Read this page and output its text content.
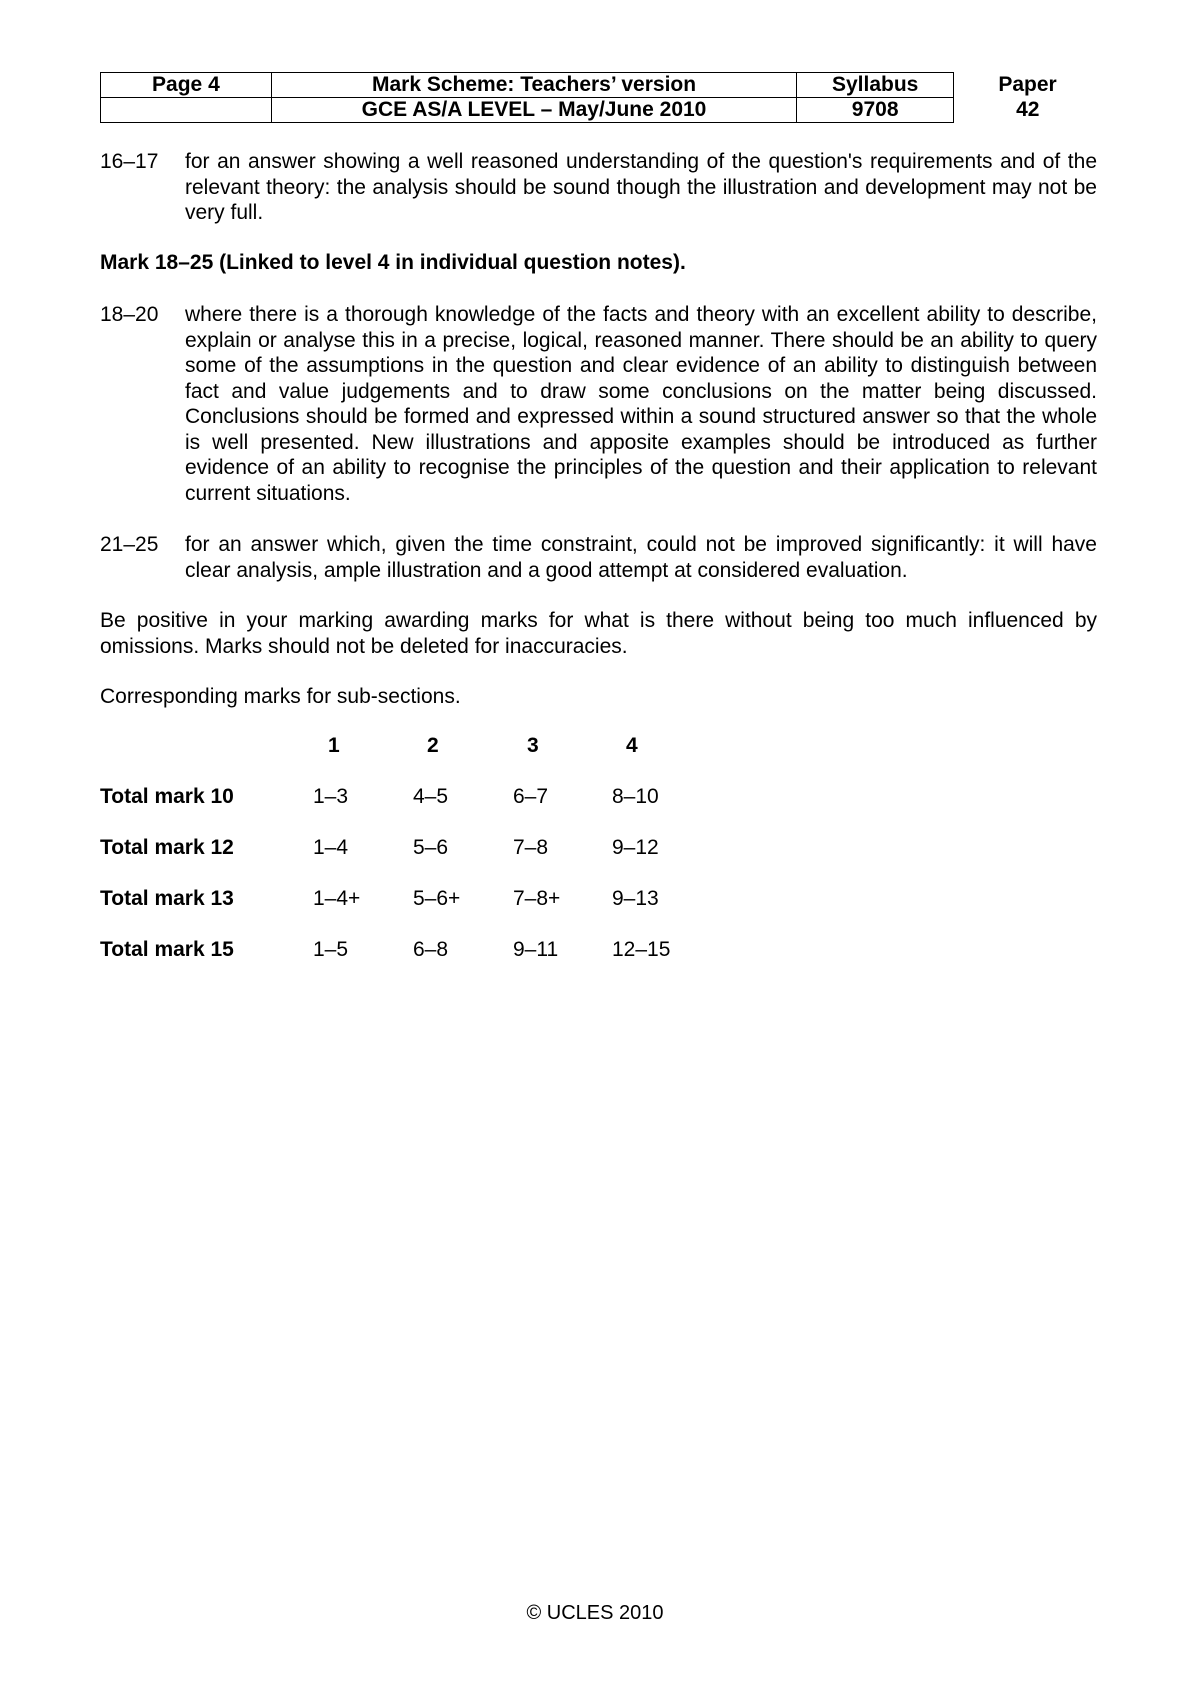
Page 4	Mark Scheme: Teachers’ version	Syllabus	Paper
	GCE AS/A LEVEL – May/June 2010	9708	42
16–17 for an answer showing a well reasoned understanding of the question's requirements and of the relevant theory: the analysis should be sound though the illustration and development may not be very full.
Mark 18–25 (Linked to level 4 in individual question notes).
18–20 where there is a thorough knowledge of the facts and theory with an excellent ability to describe, explain or analyse this in a precise, logical, reasoned manner. There should be an ability to query some of the assumptions in the question and clear evidence of an ability to distinguish between fact and value judgements and to draw some conclusions on the matter being discussed. Conclusions should be formed and expressed within a sound structured answer so that the whole is well presented. New illustrations and apposite examples should be introduced as further evidence of an ability to recognise the principles of the question and their application to relevant current situations.
21–25 for an answer which, given the time constraint, could not be improved significantly: it will have clear analysis, ample illustration and a good attempt at considered evaluation.
Be positive in your marking awarding marks for what is there without being too much influenced by omissions. Marks should not be deleted for inaccuracies.
Corresponding marks for sub-sections.
	1	2	3	4
Total mark 10	1–3	4–5	6–7	8–10
Total mark 12	1–4	5–6	7–8	9–12
Total mark 13	1–4+	5–6+	7–8+	9–13
Total mark 15	1–5	6–8	9–11	12–15
© UCLES 2010
